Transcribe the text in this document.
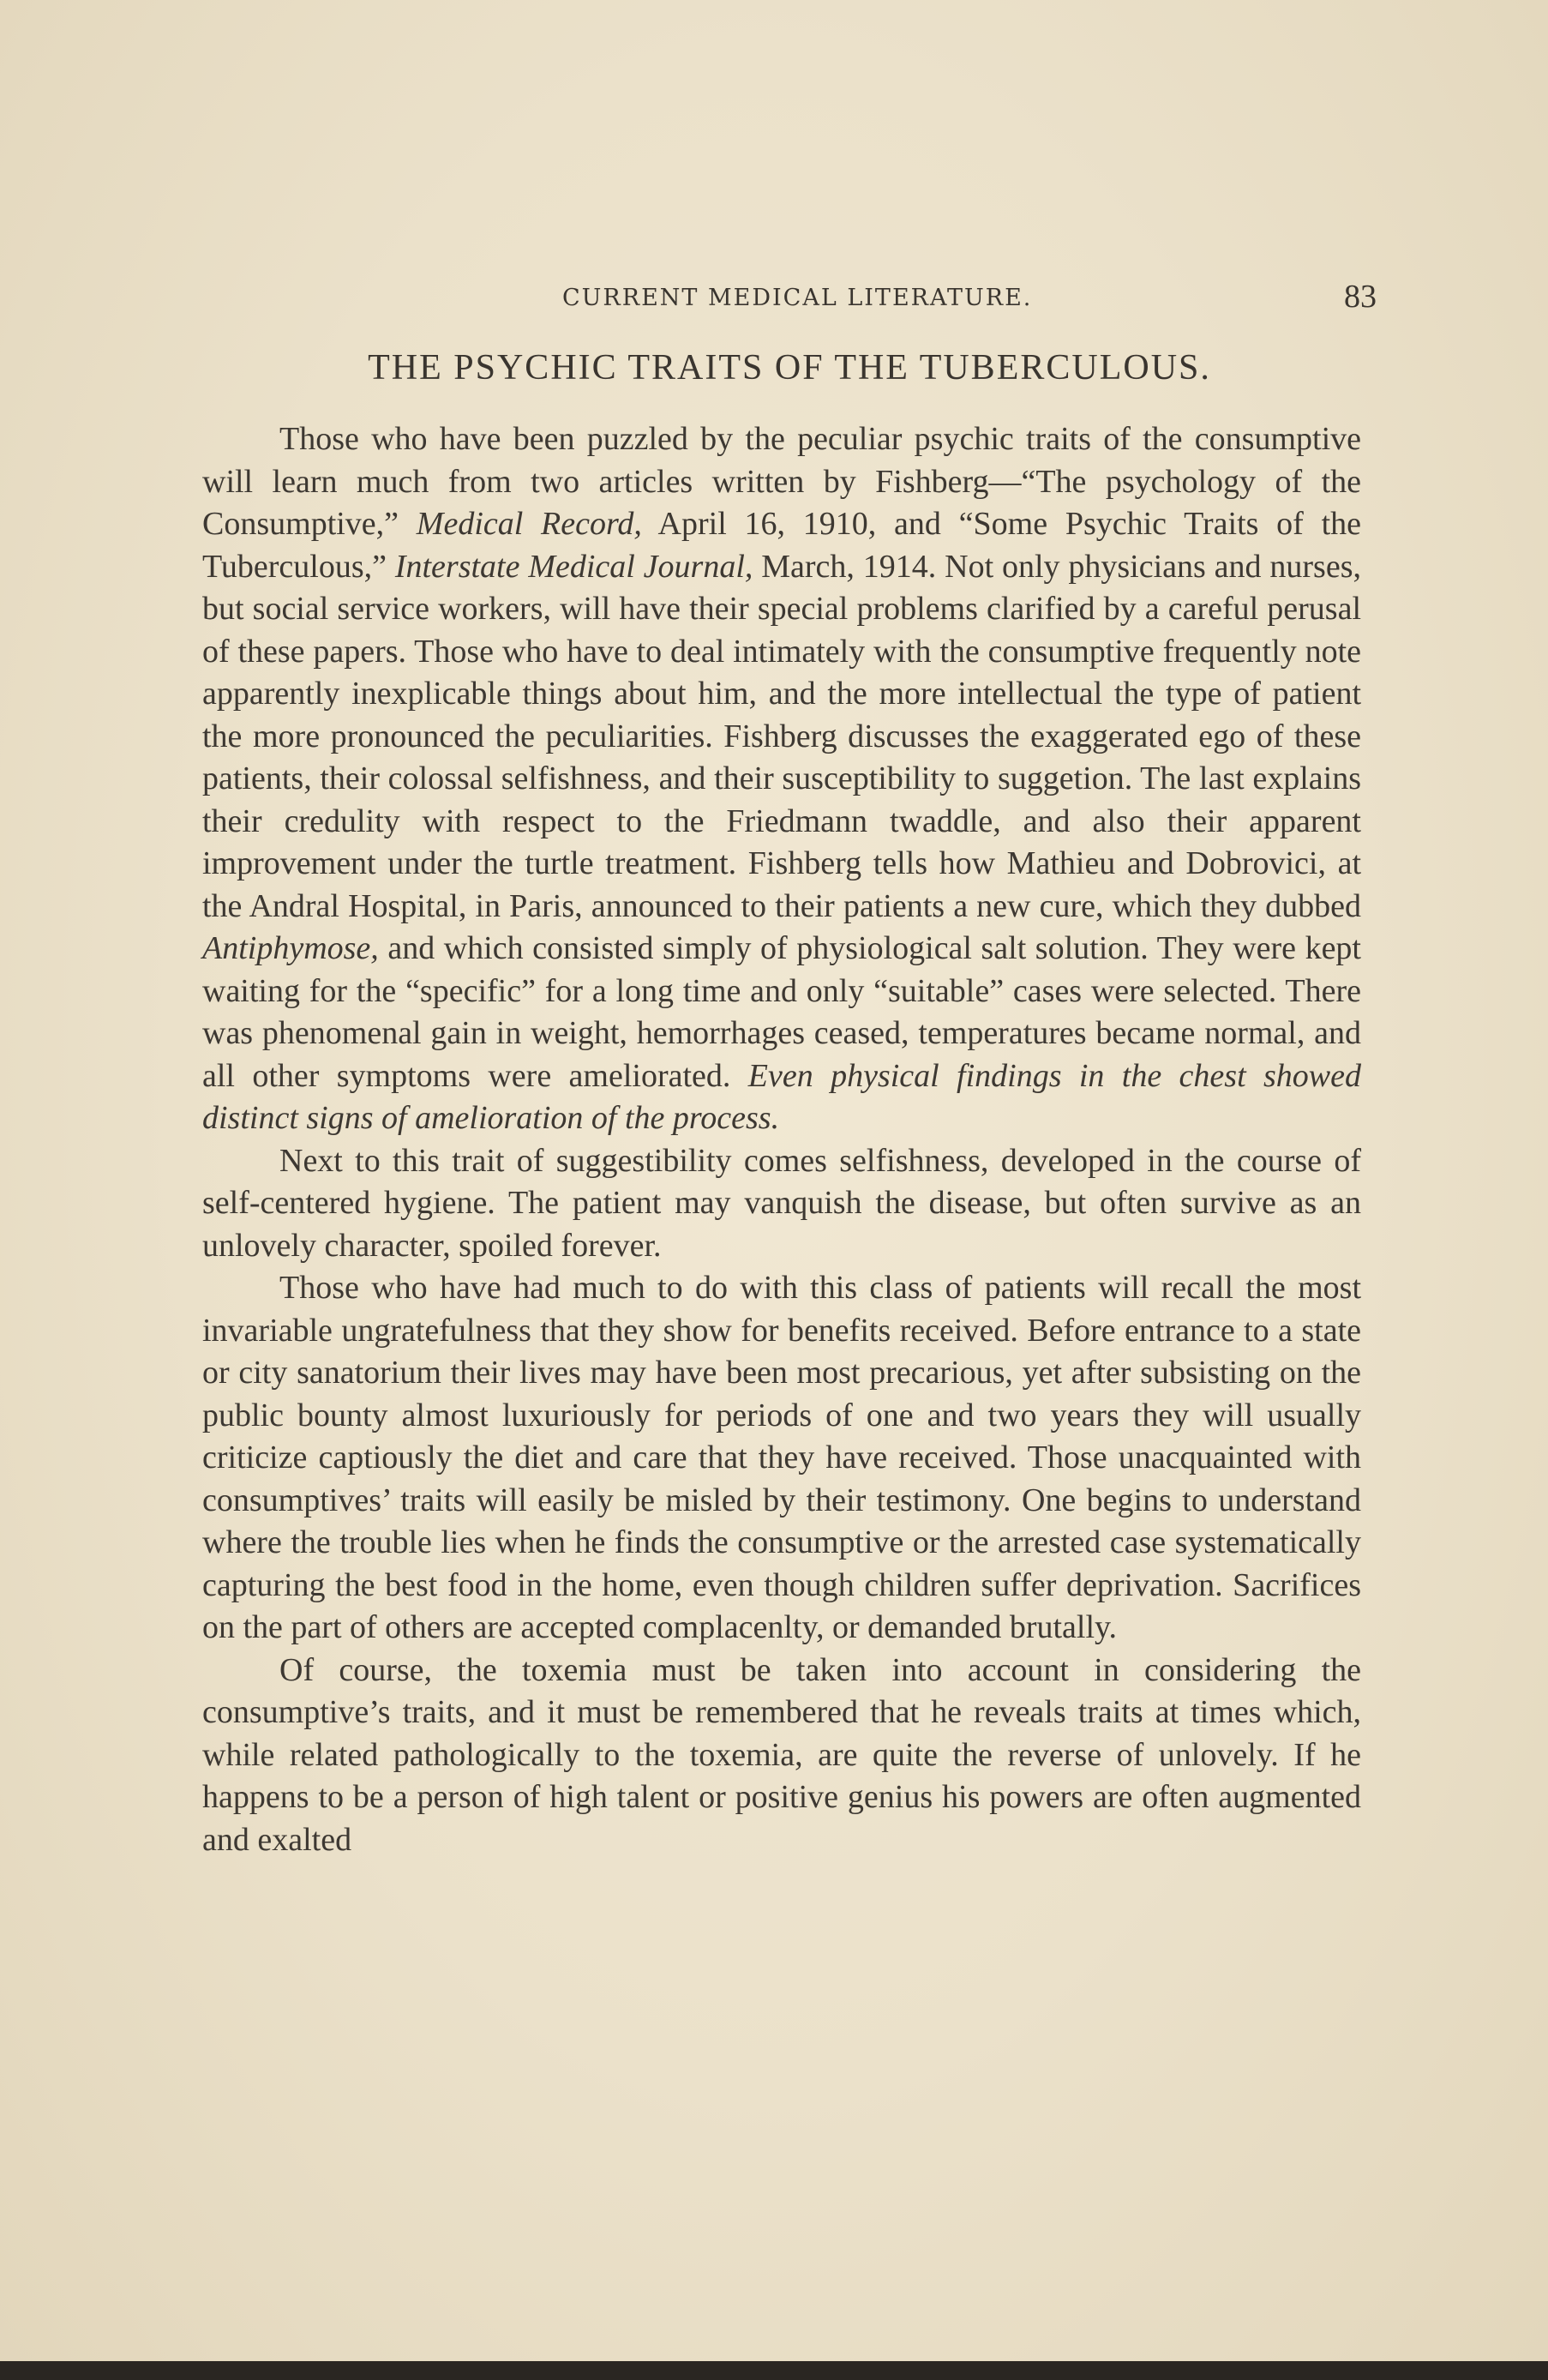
CURRENT MEDICAL LITERATURE.	83
THE PSYCHIC TRAITS OF THE TUBERCULOUS.

Those who have been puzzled by the peculiar psychic traits of the consumptive will learn much from two articles written by Fishberg—“The psychology of the Consumptive,” Medical Record, April 16, 1910, and “Some Psychic Traits of the Tuberculous,” Interstate Medical Journal, March, 1914. Not only physicians and nurses, but social service workers, will have their special problems clarified by a careful perusal of these papers. Those who have to deal intimately with the consumptive frequently note apparently inexplicable things about him, and the more intellectual the type of patient the more pronounced the peculiarities. Fishberg discusses the exaggerated ego of these patients, their colossal selfishness, and their susceptibility to suggetion. The last explains their credulity with respect to the Friedmann twaddle, and also their apparent improvement under the turtle treatment. Fishberg tells how Mathieu and Dobrovici, at the Andral Hospital, in Paris, announced to their patients a new cure, which they dubbed Antiphymose, and which consisted simply of physiological salt solution. They were kept waiting for the “specific” for a long time and only “suitable” cases were selected. There was phenomenal gain in weight, hemorrhages ceased, temperatures became normal, and all other symptoms were ameliorated. Even physical findings in the chest showed distinct signs of amelioration of the process.

Next to this trait of suggestibility comes selfishness, developed in the course of self-centered hygiene. The patient may vanquish the disease, but often survive as an unlovely character, spoiled forever.

Those who have had much to do with this class of patients will recall the most invariable ungratefulness that they show for benefits received. Before entrance to a state or city sanatorium their lives may have been most precarious, yet after subsisting on the public bounty almost luxuriously for periods of one and two years they will usually criticize captiously the diet and care that they have received. Those unacquainted with consumptives’ traits will easily be misled by their testimony. One begins to understand where the trouble lies when he finds the consumptive or the arrested case systematically capturing the best food in the home, even though children suffer deprivation. Sacrifices on the part of others are accepted complacenlty, or demanded brutally.

Of course, the toxemia must be taken into account in considering the consumptive’s traits, and it must be remembered that he reveals traits at times which, while related pathologically to the toxemia, are quite the reverse of unlovely. If he happens to be a person of high talent or positive genius his powers are often augmented and exalted
